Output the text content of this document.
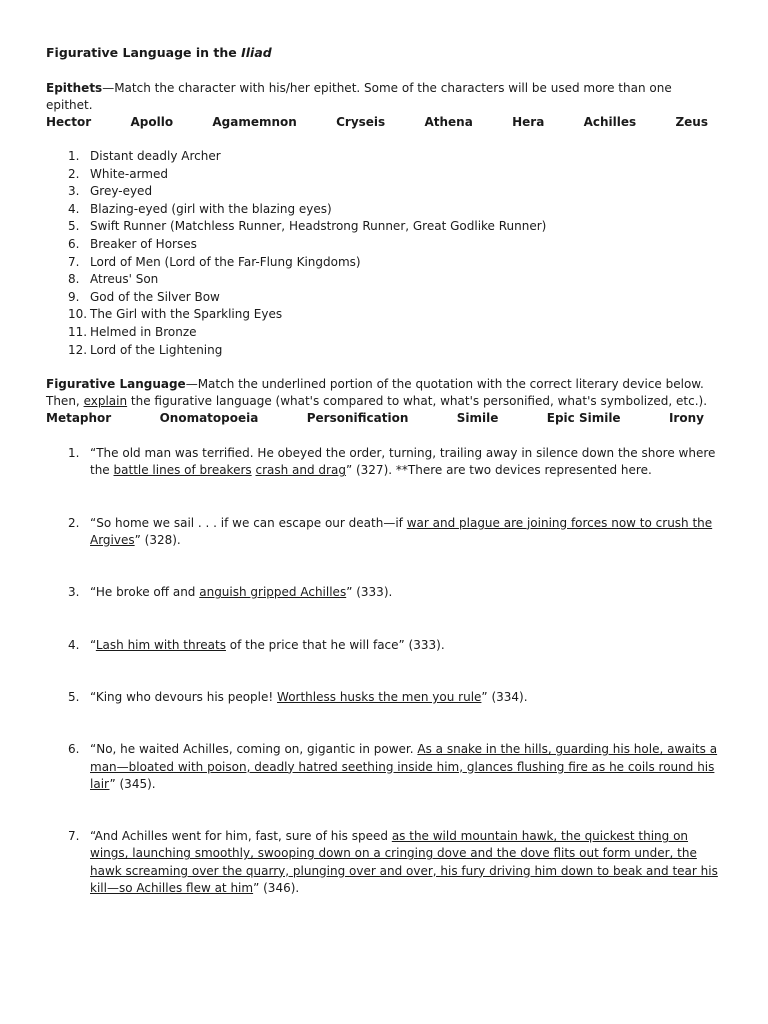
Figurative Language in the Iliad

Epithets—Match the character with his/her epithet. Some of the characters will be used more than one epithet.

Hector	Apollo	Agamemnon	Cryseis	Athena	Hera	Achilles	Zeus
1. Distant deadly Archer
2. White-armed
3. Grey-eyed
4. Blazing-eyed (girl with the blazing eyes)
5. Swift Runner (Matchless Runner, Headstrong Runner, Great Godlike Runner)
6. Breaker of Horses
7. Lord of Men (Lord of the Far-Flung Kingdoms)
8. Atreus' Son
9. God of the Silver Bow
10. The Girl with the Sparkling Eyes
11. Helmed in Bronze
12. Lord of the Lightening

Figurative Language—Match the underlined portion of the quotation with the correct literary device below. Then, explain the figurative language (what's compared to what, what's personified, what's symbolized, etc.).

Metaphor	Onomatopoeia	Personification	Simile	Epic Simile	Irony
1. “The old man was terrified. He obeyed the order, turning, trailing away in silence down the shore where the battle lines of breakers crash and drag” (327). **There are two devices represented here.
2. “So home we sail . . . if we can escape our death—if war and plague are joining forces now to crush the Argives” (328).
3. “He broke off and anguish gripped Achilles” (333).
4. “Lash him with threats of the price that he will face” (333).
5. “King who devours his people! Worthless husks the men you rule” (334).
6. “No, he waited Achilles, coming on, gigantic in power. As a snake in the hills, guarding his hole, awaits a man—bloated with poison, deadly hatred seething inside him, glances flushing fire as he coils round his lair” (345).
7. “And Achilles went for him, fast, sure of his speed as the wild mountain hawk, the quickest thing on wings, launching smoothly, swooping down on a cringing dove and the dove flits out form under, the hawk screaming over the quarry, plunging over and over, his fury driving him down to beak and tear his kill—so Achilles flew at him” (346).
